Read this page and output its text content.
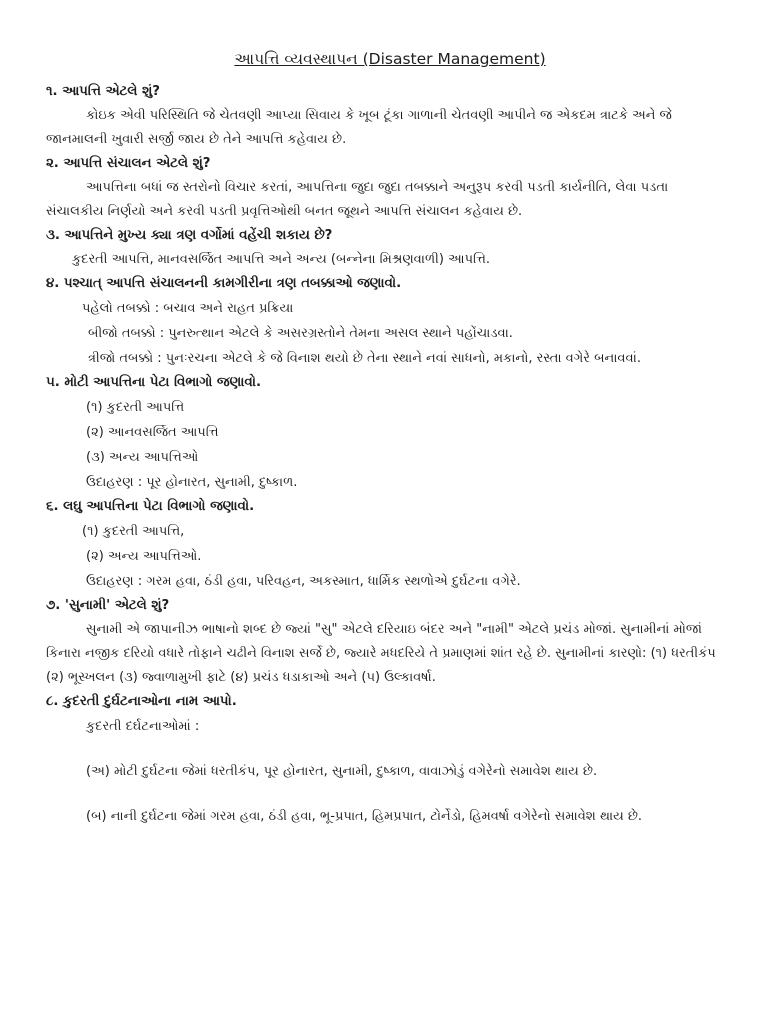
આપત્તિ વ્યવસ્થાપન (Disaster Management)

૧. આપત્તિ એટલે શું?

કોઇક એવી પરિસ્થિતિ જે ચેતવણી આપ્યા સિવાય કે ખૂબ ટૂંકા ગાળાની ચેતવણી આપીને જ એકદમ ત્રાટકે અને જે જાનમાલની ખુવારી સર્જી જાય છે તેને આપત્તિ કહેવાય છે.

૨. આપત્તિ સંચાલન એટલે શું?

આપત્તિના બધાં જ સ્તરોનો વિચાર કરતાં, આપત્તિના જુદા જુદા તબક્કાને અનુરૂપ કરવી પડતી કાર્યનીતિ, લેવા પડતા સંચાલકીય નિર્ણયો અને કરવી પડતી પ્રવૃત્તિઓથી બનત જૂથને આપત્તિ સંચાલન કહેવાય છે.

૩. આપત્તિને મુખ્ય ક્યા ત્રણ વર્ગોમાં વહેંચી શકાય છે?

કુદરતી આપત્તિ, માનવસર્જિત આપત્તિ અને અન્ય (બન્નેના મિશ્રણવાળી) આપત્તિ.

૪. પશ્ચાત્ આપત્તિ સંચાલનની કામગીરીના ત્રણ તબક્કાઓ જણાવો.

પહેલો તબક્કો : બચાવ અને રાહત પ્રક્રિયા

બીજો તબક્કો : પુનરુત્થાન એટલે કે અસરગ્રસ્તોને તેમના અસલ સ્થાને પહોંચાડવા.

ત્રીજો તબક્કો : પુનઃરચના એટલે કે જે વિનાશ થયો છે તેના સ્થાને નવાં સાધનો, મકાનો, રસ્તા વગેરે બનાવવાં.

૫. મોટી આપત્તિના પેટા વિભાગો જણાવો.

(૧) કુદરતી આપત્તિ

(૨) આનવસર્જિત આપત્તિ

(૩) અન્ય આપત્તિઓ

ઉદાહરણ : પૂર હોનારત, સુનામી, દુષ્કાળ.

૬. લઘુ આપત્તિના પેટા વિભાગો જણાવો.

(૧) કુદરતી આપત્તિ,

(૨) અન્ય આપત્તિઓ.

ઉદાહરણ : ગરમ હવા, ઠંડી હવા, પરિવહન, અકસ્માત, ધાર્મિક સ્થળોએ દુર્ઘટના વગેરે.

૭. 'સુનામી' એટલે શું?

સુનામી એ જાપાનીઝ ભાષાનો શબ્દ છે જ્યાં "સુ" એટલે દરિયાઇ બંદર અને "નામી" એટલે પ્રચંડ મોજાં. સુનામીનાં મોજાં કિનારા નજીક દરિયો વધારે તોફાને ચઢીને વિનાશ સર્જે છે, જ્યારે મધદરિયે તે પ્રમાણમાં શાંત રહે છે. સુનામીનાં કારણો: (૧) ધરતીકંપ (૨) ભૂસ્ખલન (૩) જ્વાળામુખી ફાટે (૪) પ્રચંડ ધડાકાઓ અને (૫) ઉલ્કાવર્ષા.

૮. કુદરતી દુર્ઘટનાઓના નામ આપો.

કુદરતી દર્ઘટનાઓમાં :

(અ) મોટી દુર્ઘટના જેમાં ધરતીકંપ, પૂર હોનારત, સુનામી, દુષ્કાળ, વાવાઝોડું વગેરેનો સમાવેશ થાય છે.

(બ) નાની દુર્ઘટના જેમાં ગરમ હવા, ઠંડી હવા, ભૂ-પ્રપાત, હિમપ્રપાત, ટોર્નેડો, હિમવર્ષા વગેરેનો સમાવેશ થાય છે.
